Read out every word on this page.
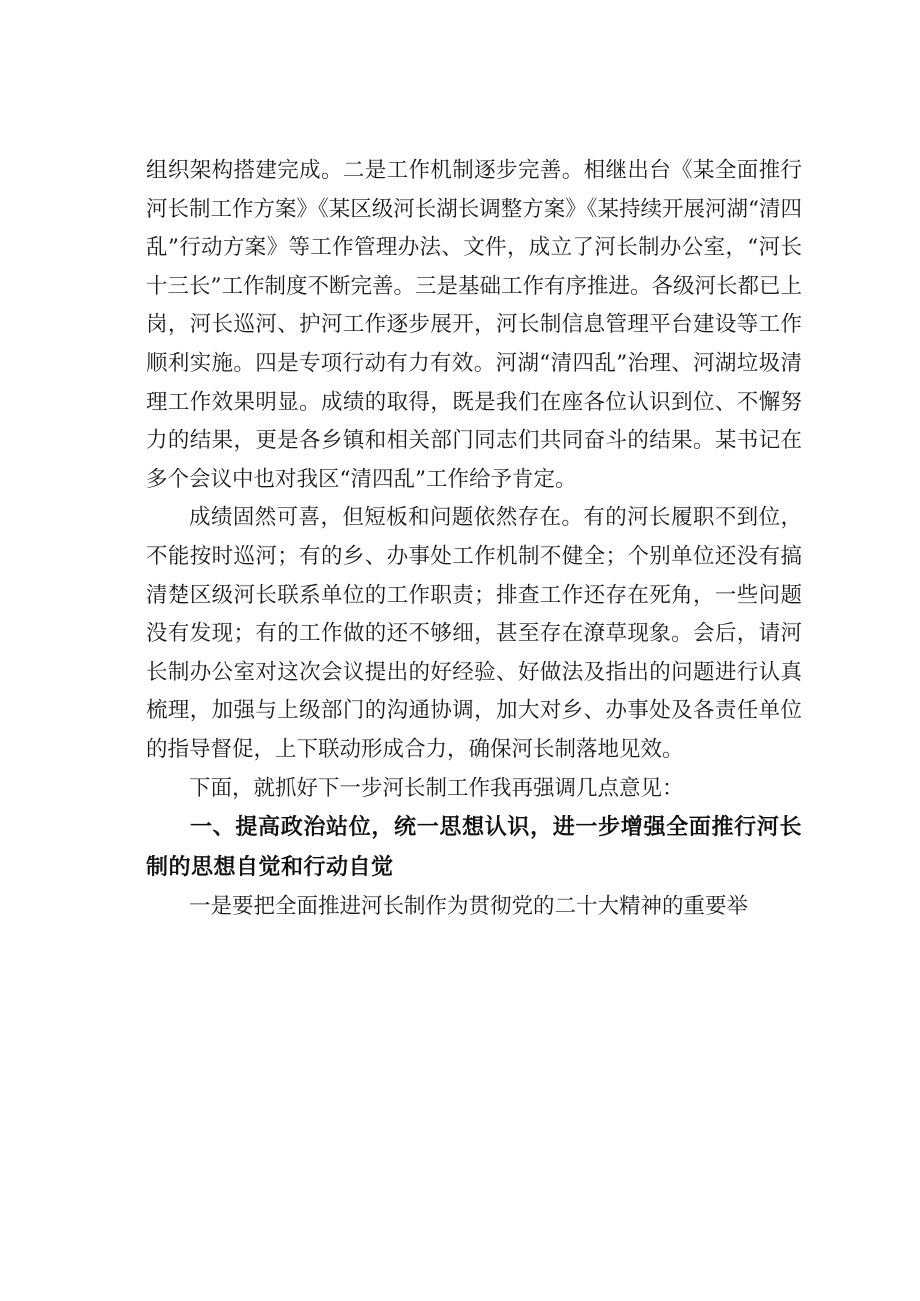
组织架构搭建完成。二是工作机制逐步完善。相继出台《某全面推行河长制工作方案》《某区级河长湖长调整方案》《某持续开展河湖“清四乱”行动方案》等工作管理办法、文件，成立了河长制办公室，“河长十三长”工作制度不断完善。三是基础工作有序推进。各级河长都已上岗，河长巡河、护河工作逐步展开，河长制信息管理平台建设等工作顺利实施。四是专项行动有力有效。河湖“清四乱”治理、河湖垃圾清理工作效果明显。成绩的取得，既是我们在座各位认识到位、不懈努力的结果，更是各乡镇和相关部门同志们共同奋斗的结果。某书记在多个会议中也对我区“清四乱”工作给予肯定。

成绩固然可喜，但短板和问题依然存在。有的河长履职不到位，不能按时巡河；有的乡、办事处工作机制不健全；个别单位还没有搞清楚区级河长联系单位的工作职责；排查工作还存在死角，一些问题没有发现；有的工作做的还不够细，甚至存在潦草现象。会后，请河长制办公室对这次会议提出的好经验、好做法及指出的问题进行认真梳理，加强与上级部门的沟通协调，加大对乡、办事处及各责任单位的指导督促，上下联动形成合力，确保河长制落地见效。

下面，就抓好下一步河长制工作我再强调几点意见：

一、提高政治站位，统一思想认识，进一步增强全面推行河长制的思想自觉和行动自觉

一是要把全面推进河长制作为贯彻党的二十大精神的重要举
